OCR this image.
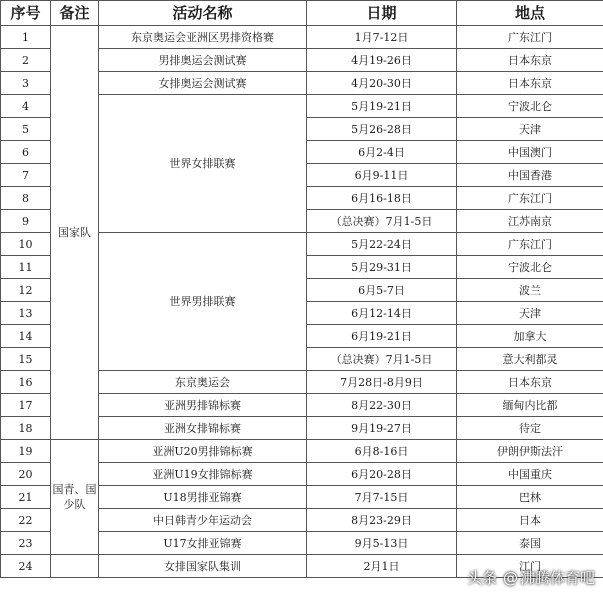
序号	备注	活动名称	日期	地点
1	国家队	东京奥运会亚洲区男排资格赛	1月7-12日	广东江门
2		男排奥运会测试赛	4月19-26日	日本东京
3		女排奥运会测试赛	4月20-30日	日本东京
4		世界女排联赛	5月19-21日	宁波北仑
5			5月26-28日	天津
6			6月2-4日	中国澳门
7			6月9-11日	中国香港
8			6月16-18日	广东江门
9			（总决赛）7月1-5日	江苏南京
10		世界男排联赛	5月22-24日	广东江门
11			5月29-31日	宁波北仑
12			6月5-7日	波兰
13			6月12-14日	天津
14			6月19-21日	加拿大
15			（总决赛）7月1-5日	意大利都灵
16		东京奥运会	7月28日-8月9日	日本东京
17		亚洲男排锦标赛	8月22-30日	缅甸内比都
18		亚洲女排锦标赛	9月19-27日	待定
19	国青、国少队	亚洲U20男排锦标赛	6月8-16日	伊朗伊斯法汗
20		亚洲U19女排锦标赛	6月20-28日	中国重庆
21		U18男排亚锦赛	7月7-15日	巴林
22		中日韩青少年运动会	8月23-29日	日本
23		U17女排亚锦赛	9月5-13日	泰国
24		女排国家队集训	2月1日	江门
头条 @ 沸腾体育吧
